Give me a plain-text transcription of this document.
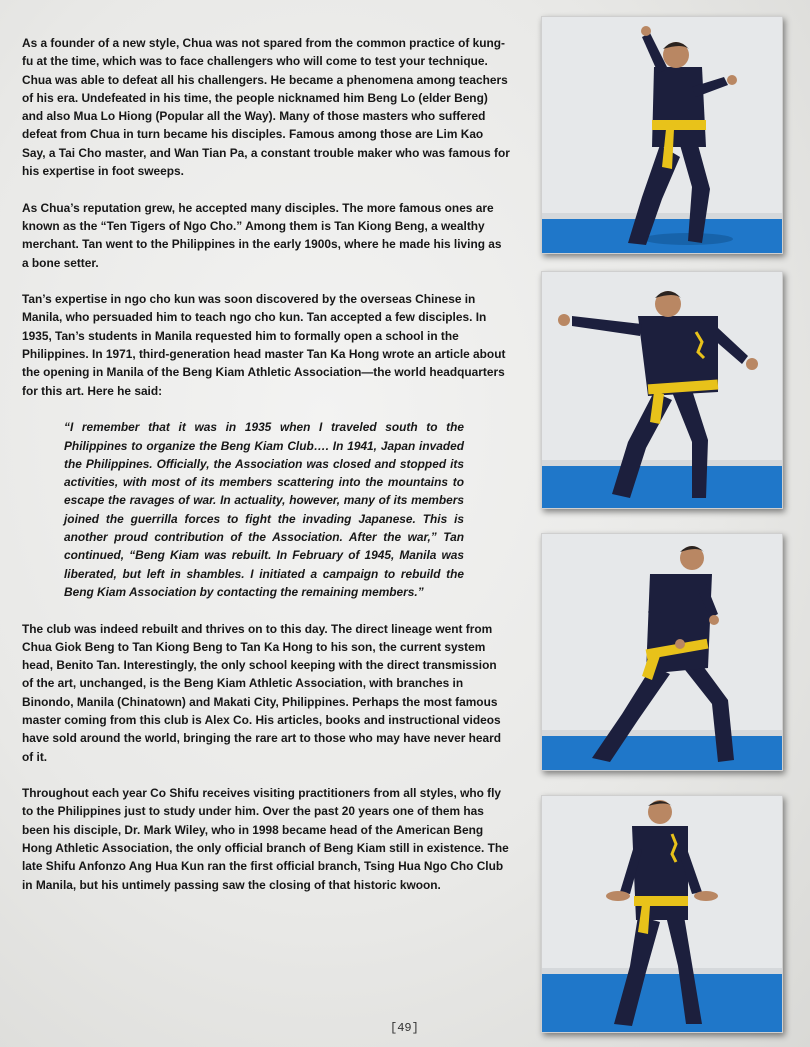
As a founder of a new style, Chua was not spared from the common practice of kung-fu at the time, which was to face challengers who will come to test your technique. Chua was able to defeat all his challengers. He became a phenomena among teachers of his era. Undefeated in his time, the people nicknamed him Beng Lo (elder Beng) and also Mua Lo Hiong (Popular all the Way). Many of those masters who suffered defeat from Chua in turn became his disciples. Famous among those are Lim Kao Say, a Tai Cho master, and Wan Tian Pa, a constant trouble maker who was famous for his expertise in foot sweeps.

As Chua’s reputation grew, he accepted many disciples. The more famous ones are known as the “Ten Tigers of Ngo Cho.” Among them is Tan Kiong Beng, a wealthy merchant. Tan went to the Philippines in the early 1900s, where he made his living as a bone setter.

Tan’s expertise in ngo cho kun was soon discovered by the overseas Chinese in Manila, who persuaded him to teach ngo cho kun. Tan accepted a few disciples. In 1935, Tan’s students in Manila requested him to formally open a school in the Philippines. In 1971, third-generation head master Tan Ka Hong wrote an article about the opening in Manila of the Beng Kiam Athletic Association—the world headquarters for this art. Here he said:

“I remember that it was in 1935 when I traveled south to the Philippines to organize the Beng Kiam Club…. In 1941, Japan invaded the Philippines. Officially, the Association was closed and stopped its activities, with most of its members scattering into the mountains to escape the ravages of war. In actuality, however, many of its members joined the guerrilla forces to fight the invading Japanese. This is another proud contribution of the Association. After the war,” Tan continued, “Beng Kiam was rebuilt. In February of 1945, Manila was liberated, but left in shambles. I initiated a campaign to rebuild the Beng Kiam Association by contacting the remaining members.”

The club was indeed rebuilt and thrives on to this day. The direct lineage went from Chua Giok Beng to Tan Kiong Beng to Tan Ka Hong to his son, the current system head, Benito Tan. Interestingly, the only school keeping with the direct transmission of the art, unchanged, is the Beng Kiam Athletic Association, with branches in Binondo, Manila (Chinatown) and Makati City, Philippines. Perhaps the most famous master coming from this club is Alex Co. His articles, books and instructional videos have sold around the world, bringing the rare art to those who may have never heard of it.

Throughout each year Co Shifu receives visiting practitioners from all styles, who fly to the Philippines just to study under him. Over the past 20 years one of them has been his disciple, Dr. Mark Wiley, who in 1998 became head of the American Beng Hong Athletic Association, the only official branch of Beng Kiam still in existence. The late Shifu Anfonzo Ang Hua Kun ran the first official branch, Tsing Hua Ngo Cho Club in Manila, but his untimely passing saw the closing of that historic kwoon.

[49]
